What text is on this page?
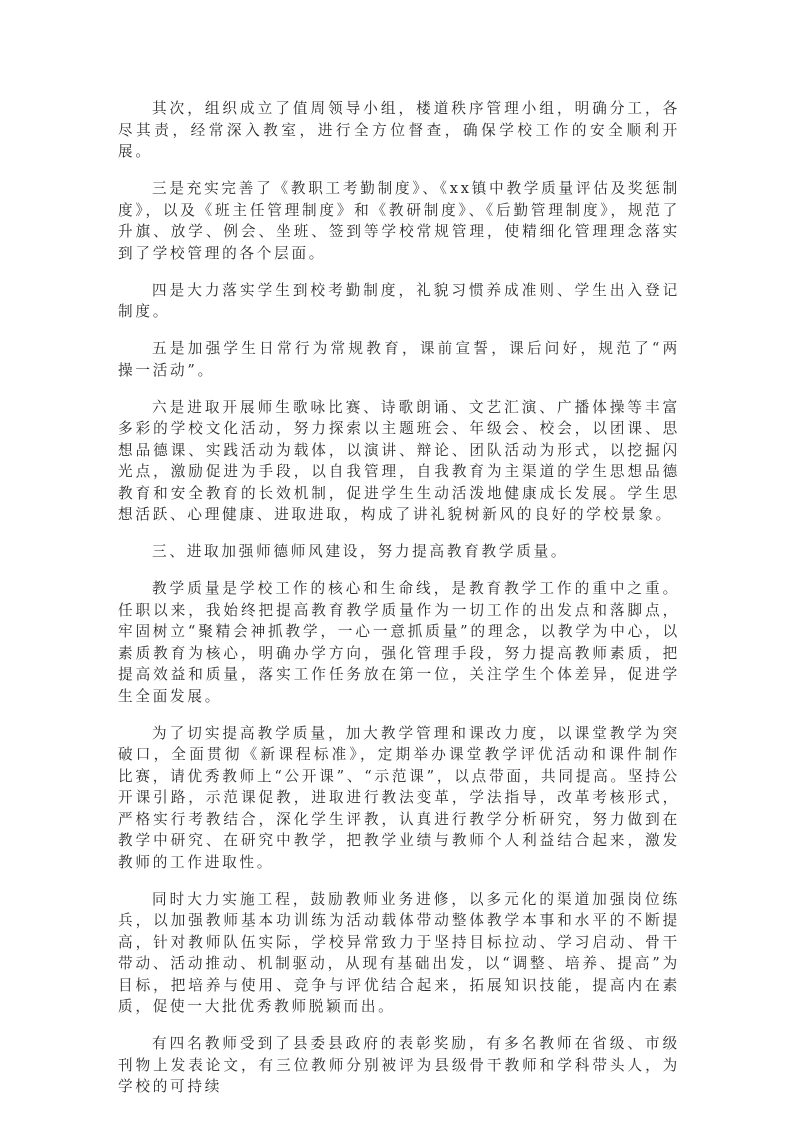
其次，组织成立了值周领导小组，楼道秩序管理小组，明确分工，各尽其责，经常深入教室，进行全方位督查，确保学校工作的安全顺利开展。

三是充实完善了《教职工考勤制度》、《xx镇中教学质量评估及奖惩制度》，以及《班主任管理制度》和《教研制度》、《后勤管理制度》，规范了升旗、放学、例会、坐班、签到等学校常规管理，使精细化管理理念落实到了学校管理的各个层面。

四是大力落实学生到校考勤制度，礼貌习惯养成准则、学生出入登记制度。

五是加强学生日常行为常规教育，课前宣誓，课后问好，规范了“两操一活动”。

六是进取开展师生歌咏比赛、诗歌朗诵、文艺汇演、广播体操等丰富多彩的学校文化活动，努力探索以主题班会、年级会、校会，以团课、思想品德课、实践活动为载体，以演讲、辩论、团队活动为形式，以挖掘闪光点，激励促进为手段，以自我管理，自我教育为主渠道的学生思想品德教育和安全教育的长效机制，促进学生生动活泼地健康成长发展。学生思想活跃、心理健康、进取进取，构成了讲礼貌树新风的良好的学校景象。

三、进取加强师德师风建设，努力提高教育教学质量。

教学质量是学校工作的核心和生命线，是教育教学工作的重中之重。任职以来，我始终把提高教育教学质量作为一切工作的出发点和落脚点，牢固树立“聚精会神抓教学，一心一意抓质量”的理念，以教学为中心，以素质教育为核心，明确办学方向，强化管理手段，努力提高教师素质，把提高效益和质量，落实工作任务放在第一位，关注学生个体差异，促进学生全面发展。

为了切实提高教学质量，加大教学管理和课改力度，以课堂教学为突破口，全面贯彻《新课程标准》，定期举办课堂教学评优活动和课件制作比赛，请优秀教师上“公开课”、“示范课”，以点带面，共同提高。坚持公开课引路，示范课促教，进取进行教法变革，学法指导，改革考核形式，严格实行考教结合，深化学生评教，认真进行教学分析研究，努力做到在教学中研究、在研究中教学，把教学业绩与教师个人利益结合起来，激发教师的工作进取性。

同时大力实施工程，鼓励教师业务进修，以多元化的渠道加强岗位练兵，以加强教师基本功训练为活动载体带动整体教学本事和水平的不断提高，针对教师队伍实际，学校异常致力于坚持目标拉动、学习启动、骨干带动、活动推动、机制驱动，从现有基础出发，以“调整、培养、提高”为目标，把培养与使用、竞争与评优结合起来，拓展知识技能，提高内在素质，促使一大批优秀教师脱颖而出。

有四名教师受到了县委县政府的表彰奖励，有多名教师在省级、市级刊物上发表论文，有三位教师分别被评为县级骨干教师和学科带头人，为学校的可持续
